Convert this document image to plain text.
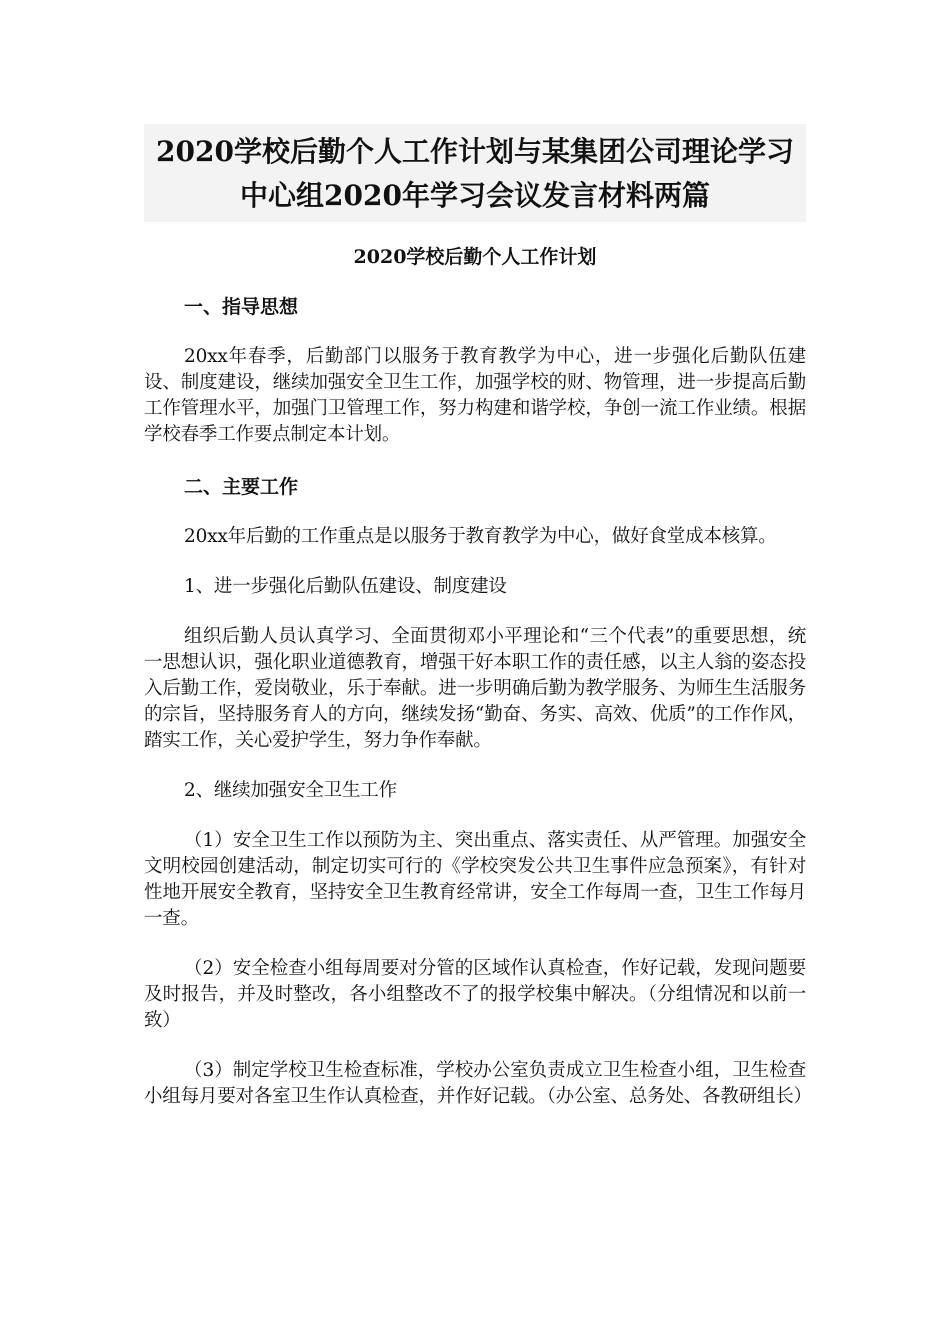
2020学校后勤个人工作计划与某集团公司理论学习
中心组2020年学习会议发言材料两篇
2020学校后勤个人工作计划
一、指导思想
20xx年春季，后勤部门以服务于教育教学为中心，进一步强化后勤队伍建设、制度建设，继续加强安全卫生工作，加强学校的财、物管理，进一步提高后勤工作管理水平，加强门卫管理工作，努力构建和谐学校，争创一流工作业绩。根据学校春季工作要点制定本计划。
二、主要工作
20xx年后勤的工作重点是以服务于教育教学为中心，做好食堂成本核算。
1、进一步强化后勤队伍建设、制度建设
组织后勤人员认真学习、全面贯彻邓小平理论和“三个代表”的重要思想，统一思想认识，强化职业道德教育，增强干好本职工作的责任感，以主人翁的姿态投入后勤工作，爱岗敬业，乐于奉献。进一步明确后勤为教学服务、为师生生活服务的宗旨，坚持服务育人的方向，继续发扬“勤奋、务实、高效、优质”的工作作风，踏实工作，关心爱护学生，努力争作奉献。
2、继续加强安全卫生工作
（1）安全卫生工作以预防为主、突出重点、落实责任、从严管理。加强安全文明校园创建活动，制定切实可行的《学校突发公共卫生事件应急预案》，有针对性地开展安全教育，坚持安全卫生教育经常讲，安全工作每周一查，卫生工作每月一查。
（2）安全检查小组每周要对分管的区域作认真检查，作好记载，发现问题要及时报告，并及时整改，各小组整改不了的报学校集中解决。（分组情况和以前一致）
（3）制定学校卫生检查标准，学校办公室负责成立卫生检查小组，卫生检查小组每月要对各室卫生作认真检查，并作好记载。（办公室、总务处、各教研组长）
